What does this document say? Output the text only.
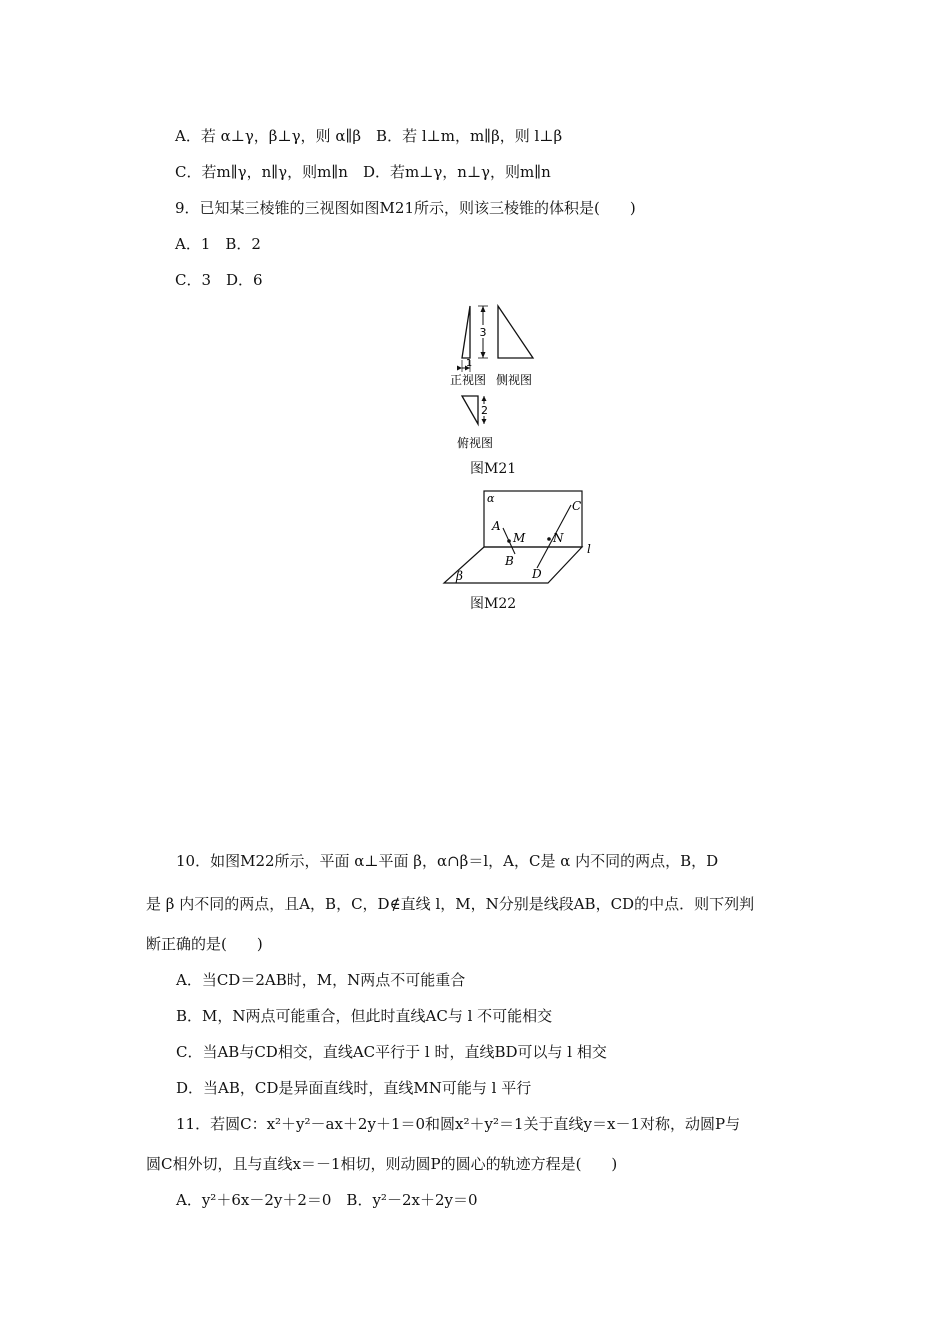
A．若 α⊥γ，β⊥γ，则 α∥β　B．若 l⊥m，m∥β，则 l⊥β
C．若m∥γ，n∥γ，则m∥n　D．若m⊥γ，n⊥γ，则m∥n
9．已知某三棱锥的三视图如图M21所示，则该三棱锥的体积是(　　)
A．1　B．2
C．3　D．6
3
1
正视图 侧视图
2
俯视图
图M21
α
β
l
A
B
C
D
M N
图M22
10．如图M22所示，平面 α⊥平面 β，α∩β＝l，A，C是 α 内不同的两点，B，D
是 β 内不同的两点，且A，B，C，D∉直线 l，M，N分别是线段AB，CD的中点．则下列判
断正确的是(　　)
A．当CD＝2AB时，M，N两点不可能重合
B．M，N两点可能重合，但此时直线AC与 l 不可能相交
C．当AB与CD相交，直线AC平行于 l 时，直线BD可以与 l 相交
D．当AB，CD是异面直线时，直线MN可能与 l 平行
11．若圆C：x²＋y²－ax＋2y＋1＝0和圆x²＋y²＝1关于直线y＝x－1对称，动圆P与
圆C相外切，且与直线x＝－1相切，则动圆P的圆心的轨迹方程是(　　)
A．y²＋6x－2y＋2＝0　B．y²－2x＋2y＝0
